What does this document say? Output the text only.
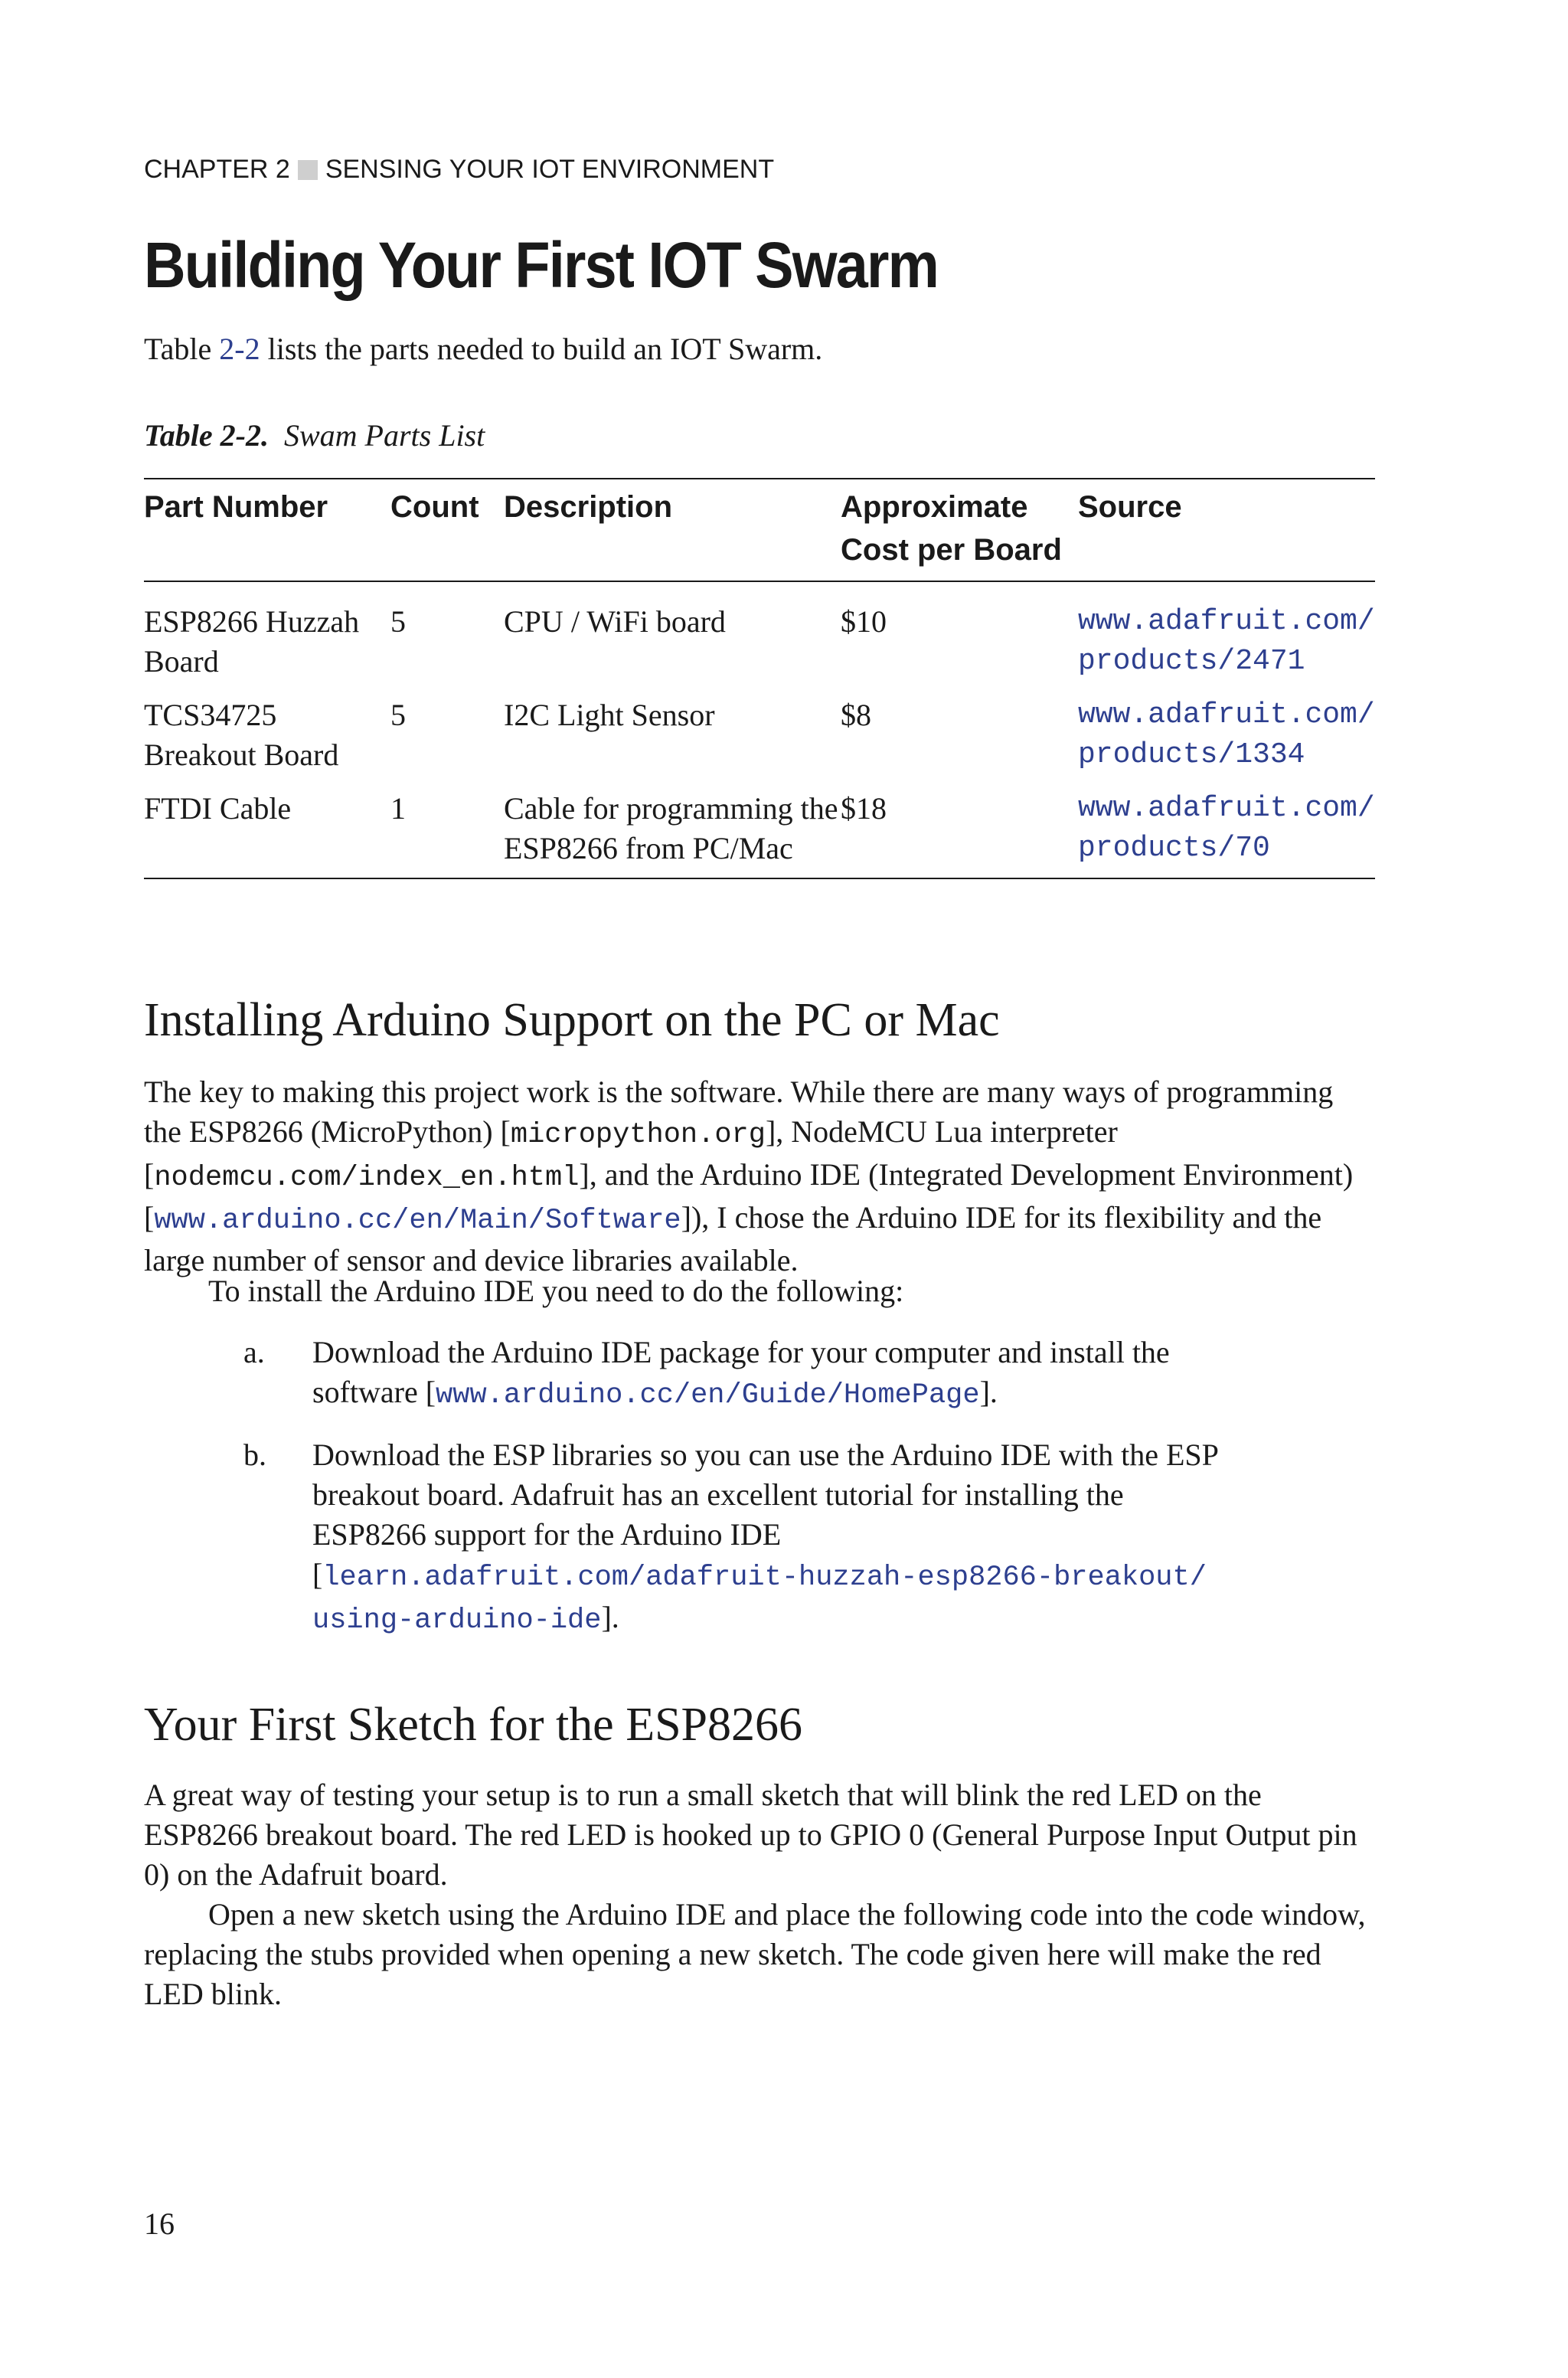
CHAPTER 2 SENSING YOUR IOT ENVIRONMENT
Building Your First IOT Swarm

Table 2-2 lists the parts needed to build an IOT Swarm.

Table 2-2. Swam Parts List
Part Number	Count	Description	Approximate Cost per Board	Source
ESP8266 Huzzah Board	5	CPU / WiFi board	$10	www.adafruit.com/ products/2471
TCS34725 Breakout Board	5	I2C Light Sensor	$8	www.adafruit.com/ products/1334
FTDI Cable	1	Cable for programming the ESP8266 from PC/Mac	$18	www.adafruit.com/ products/70
Installing Arduino Support on the PC or Mac

The key to making this project work is the software. While there are many ways of programming the ESP8266 (MicroPython) [micropython.org], NodeMCU Lua interpreter [nodemcu.com/index_en.html], and the Arduino IDE (Integrated Development Environment) [www.arduino.cc/en/Main/Software]), I chose the Arduino IDE for its flexibility and the large number of sensor and device libraries available.

To install the Arduino IDE you need to do the following:

a.	Download the Arduino IDE package for your computer and install the software [www.arduino.cc/en/Guide/HomePage].
b.	Download the ESP libraries so you can use the Arduino IDE with the ESP breakout board. Adafruit has an excellent tutorial for installing the ESP8266 support for the Arduino IDE [learn.adafruit.com/adafruit-huzzah-esp8266-breakout/ using-arduino-ide].
Your First Sketch for the ESP8266

A great way of testing your setup is to run a small sketch that will blink the red LED on the ESP8266 breakout board. The red LED is hooked up to GPIO 0 (General Purpose Input Output pin 0) on the Adafruit board.

Open a new sketch using the Arduino IDE and place the following code into the code window, replacing the stubs provided when opening a new sketch. The code given here will make the red LED blink.

16
